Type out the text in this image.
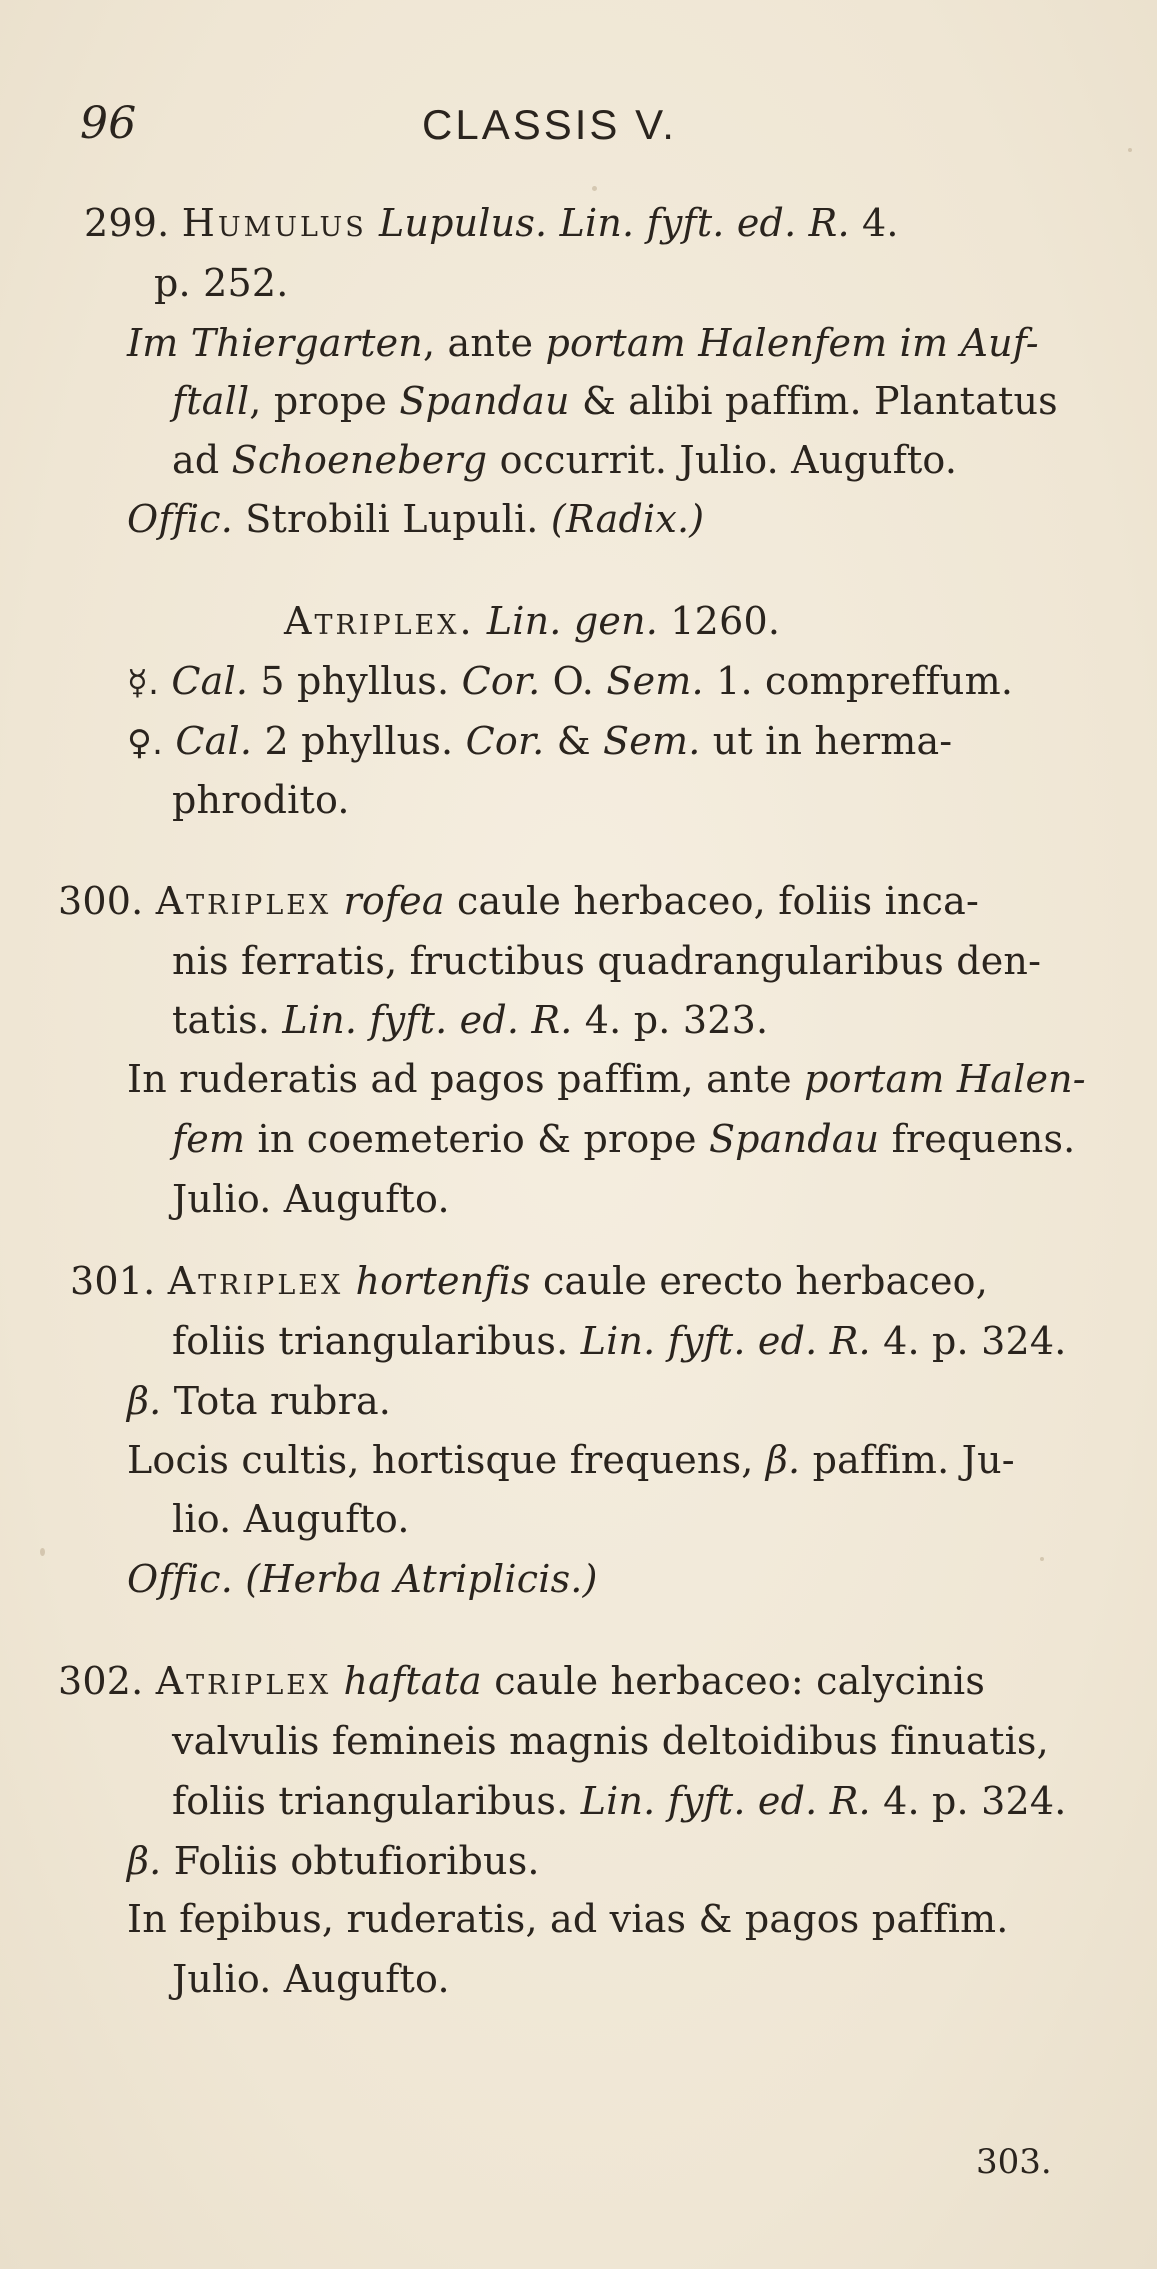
96	CLASSIS V.
299. Humulus Lupulus. Lin. fyft. ed. R. 4.
p. 252.
Im Thiergarten, ante portam Halenfem im Auf-
ftall, prope Spandau & alibi paffim. Plantatus
ad Schoeneberg occurrit. Julio. Augufto.
Offic. Strobili Lupuli. (Radix.)
Atriplex. Lin. gen. 1260.
☿. Cal. 5 phyllus. Cor. O. Sem. 1. compreffum.
♀. Cal. 2 phyllus. Cor. & Sem. ut in herma-
phrodito.
300. Atriplex rofea caule herbaceo, foliis inca-
nis ferratis, fructibus quadrangularibus den-
tatis. Lin. fyft. ed. R. 4. p. 323.
In ruderatis ad pagos paffim, ante portam Halen-
fem in coemeterio & prope Spandau frequens.
Julio. Augufto.
301. Atriplex hortenfis caule erecto herbaceo,
foliis triangularibus. Lin. fyft. ed. R. 4. p. 324.
β. Tota rubra.
Locis cultis, hortisque frequens, β. paffim. Ju-
lio. Augufto.
Offic. (Herba Atriplicis.)
302. Atriplex haftata caule herbaceo: calycinis
valvulis femineis magnis deltoidibus finuatis,
foliis triangularibus. Lin. fyft. ed. R. 4. p. 324.
β. Foliis obtufioribus.
In fepibus, ruderatis, ad vias & pagos paffim.
Julio. Augufto.
303.
